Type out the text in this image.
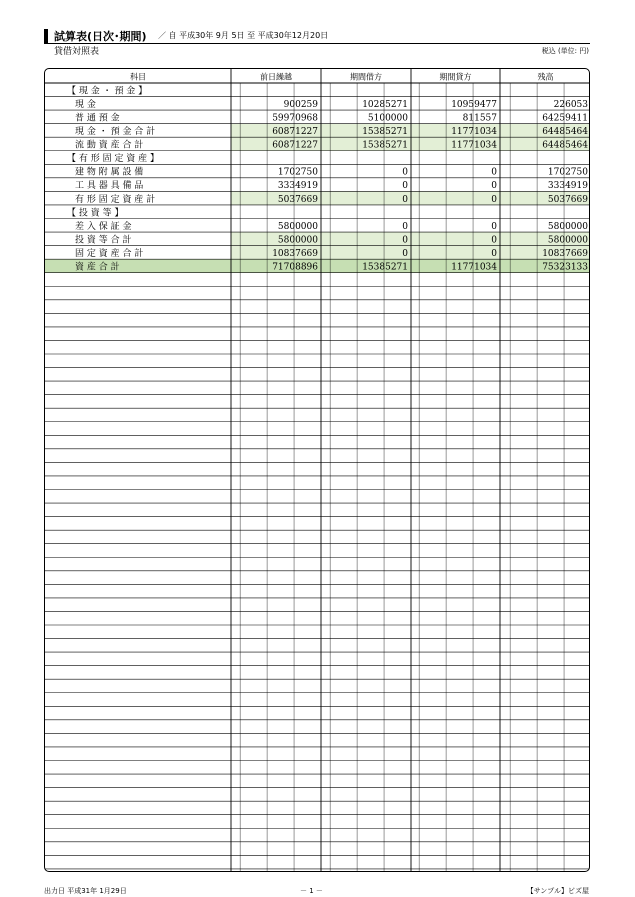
試算表(日次･期間) ／ 自 平成30年 9月 5日 至 平成30年12月20日
貸借対照表	税込 (単位: 円)
科目	前日繰越	期間借方	期間貸方	残高
【 現 金 ・ 預 金 】
現 金	900259	10285271	10959477	226053
普 通 預 金	59970968	5100000	811557	64259411
現 金 ・ 預 金 合 計	60871227	15385271	11771034	64485464
流 動 資 産 合 計	60871227	15385271	11771034	64485464
【 有 形 固 定 資 産 】
建 物 附 属 設 備	1702750	0	0	1702750
工 具 器 具 備 品	3334919	0	0	3334919
有 形 固 定 資 産 計	5037669	0	0	5037669
【 投 資 等 】
差 入 保 証 金	5800000	0	0	5800000
投 資 等 合 計	5800000	0	0	5800000
固 定 資 産 合 計	10837669	0	0	10837669
資 産 合 計	71708896	15385271	11771034	75323133
出力日 平成31年 1月29日	－ 1 －	【サンプル】ビズ屋
